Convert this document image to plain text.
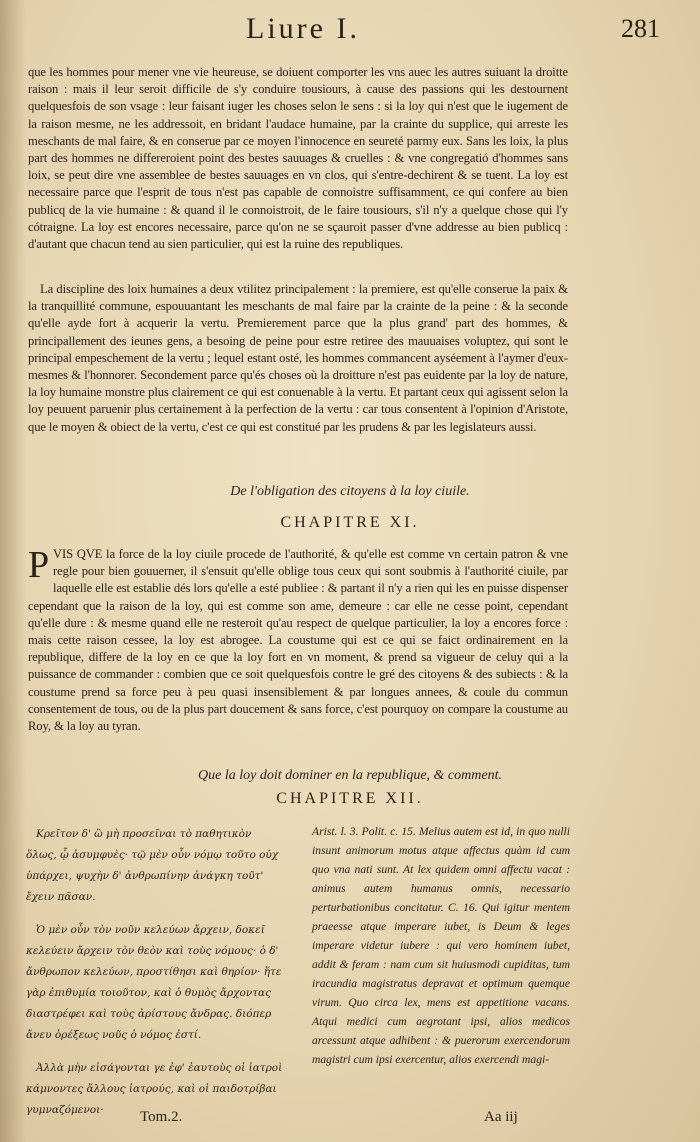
Liure I.	281

que les hommes pour mener vne vie heureuse, se doiuent comporter les vns auec les autres suiuant la droitte raison : mais il leur seroit difficile de s'y conduire tousiours, à cause des passions qui les destournent quelquesfois de son vsage : leur faisant iuger les choses selon le sens : si la loy qui n'est que le iugement de la raison mesme, ne les addressoit, en bridant l'audace humaine, par la crainte du supplice, qui arreste les meschants de mal faire, & en conserue par ce moyen l'innocence en seureté parmy eux. Sans les loix, la plus part des hommes ne differeroient point des bestes sauuages & cruelles : & vne congregatió d'hommes sans loix, se peut dire vne assemblee de bestes sauuages en vn clos, qui s'entre-dechirent & se tuent. La loy est necessaire parce que l'esprit de tous n'est pas capable de connoistre suffisamment, ce qui confere au bien publicq de la vie humaine : & quand il le connoistroit, de le faire tousiours, s'il n'y a quelque chose qui l'y cótraigne. La loy est encores necessaire, parce qu'on ne se sçauroit passer d'vne addresse au bien publicq : d'autant que chacun tend au sien particulier, qui est la ruine des republiques.

La discipline des loix humaines a deux vtilitez principalement : la premiere, est qu'elle conserue la paix & la tranquillité commune, espouuantant les meschants de mal faire par la crainte de la peine : & la seconde qu'elle ayde fort à acquerir la vertu. Premierement parce que la plus grand' part des hommes, & principallement des ieunes gens, a besoing de peine pour estre retiree des mauuaises voluptez, qui sont le principal empeschement de la vertu ; lequel estant osté, les hommes commancent ayséement à l'aymer d'eux-mesmes & l'honnorer. Secondement parce qu'és choses où la droitture n'est pas euidente par la loy de nature, la loy humaine monstre plus clairement ce qui est conuenable à la vertu. Et partant ceux qui agissent selon la loy peuuent paruenir plus certainement à la perfection de la vertu : car tous consentent à l'opinion d'Aristote, que le moyen & obiect de la vertu, c'est ce qui est constitué par les prudens & par les legislateurs aussi.

De l'obligation des citoyens à la loy ciuile.
CHAPITRE XI.
P VIS QVE la force de la loy ciuile procede de l'authorité, & qu'elle est comme vn certain patron & vne regle pour bien gouuerner, il s'ensuit qu'elle oblige tous ceux qui sont soubmis à l'authorité ciuile, par laquelle elle est establie dés lors qu'elle a esté publiee : & partant il n'y a rien qui les en puisse dispenser cependant que la raison de la loy, qui est comme son ame, demeure : car elle ne cesse point, cependant qu'elle dure : & mesme quand elle ne resteroit qu'au respect de quelque particulier, la loy a encores force : mais cette raison cessee, la loy est abrogee. La coustume qui est ce qui se faict ordinairement en la republique, differe de la loy en ce que la loy fort en vn moment, & prend sa vigueur de celuy qui a la puissance de commander : combien que ce soit quelquesfois contre le gré des citoyens & des subiects : & la coustume prend sa force peu à peu quasi insensiblement & par longues annees, & coule du commun consentement de tous, ou de la plus part doucement & sans force, c'est pourquoy on compare la coustume au Roy, & la loy au tyran.
Que la loy doit dominer en la republique, & comment.
CHAPITRE XII.

Κρεῖτον δ' ὢ μὴ προσεῖναι τὸ παθητικὸν ὅλως, ᾧ ἀσυμφυὲς· τῷ μὲν οὖν νόμῳ τοῦτο οὐχ ὑπάρχει, ψυχὴν δ' ἀνθρωπίνην ἀνάγκη τοῦτ' ἔχειν πᾶσαν.

Ὁ μὲν οὖν τὸν νοῦν κελεύων ἄρχειν, δοκεῖ κελεύειν ἄρχειν τὸν θεὸν καὶ τοὺς νόμους· ὁ δ' ἄνθρωπον κελεύων, προστίθησι καὶ θηρίον· ἥτε γὰρ ἐπιθυμία τοιοῦτον, καὶ ὁ θυμὸς ἄρχοντας διαστρέφει καὶ τοὺς ἀρίστους ἄνδρας. διόπερ ἄνευ ὀρέξεως νοῦς ὁ νόμος ἐστί.

Ἀλλὰ μὴν εἰσάγονται γε ἐφ' ἑαυτοὺς οἱ ἰατροὶ κάμνοντες ἄλλους ἰατρούς, καὶ οἱ παιδοτρίβαι γυμναζόμενοι·

Arist. l. 3. Polit. c. 15. Melius autem est id, in quo nulli insunt animorum motus atque affectus quàm id cum quo vna nati sunt. At lex quidem omni affectu vacat : animus autem humanus omnis, necessario perturbationibus concitatur. C. 16. Qui igitur mentem praeesse atque imperare iubet, is Deum & leges imperare videtur iubere : qui vero hominem iubet, addit & feram : nam cum sit huiusmodi cupiditas, tum iracundia magistratus depravat et optimum quemque virum. Quo circa lex, mens est appetitione vacans. Atqui medici cum aegrotant ipsi, alios medicos arcessunt atque adhibent : & puerorum exercendorum magistri cum ipsi exercentur, alios exercendi magi-

Tom.2.	Aa iij
